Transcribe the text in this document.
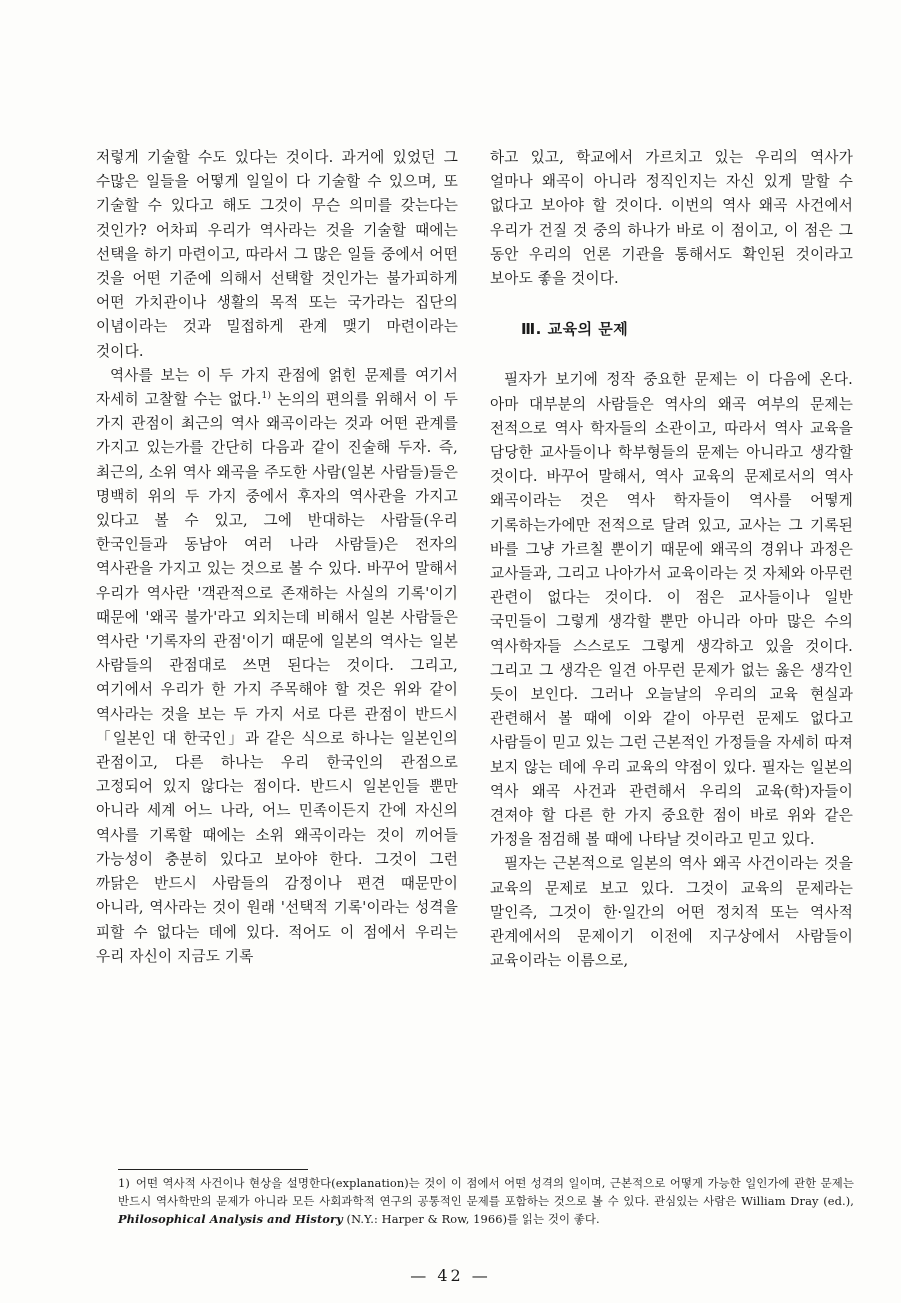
저렇게 기술할 수도 있다는 것이다. 과거에 있었던 그 수많은 일들을 어떻게 일일이 다 기술할 수 있으며, 또 기술할 수 있다고 해도 그것이 무슨 의미를 갖는다는 것인가? 어차피 우리가 역사라는 것을 기술할 때에는 선택을 하기 마련이고, 따라서 그 많은 일들 중에서 어떤 것을 어떤 기준에 의해서 선택할 것인가는 불가피하게 어떤 가치관이나 생활의 목적 또는 국가라는 집단의 이념이라는 것과 밀접하게 관계 맺기 마련이라는 것이다.

역사를 보는 이 두 가지 관점에 얽힌 문제를 여기서 자세히 고찰할 수는 없다.$^{1)}$ 논의의 편의를 위해서 이 두 가지 관점이 최근의 역사 왜곡이라는 것과 어떤 관계를 가지고 있는가를 간단히 다음과 같이 진술해 두자. 즉, 최근의, 소위 역사 왜곡을 주도한 사람(일본 사람들)들은 명백히 위의 두 가지 중에서 후자의 역사관을 가지고 있다고 볼 수 있고, 그에 반대하는 사람들(우리 한국인들과 동남아 여러 나라 사람들)은 전자의 역사관을 가지고 있는 것으로 볼 수 있다. 바꾸어 말해서 우리가 역사란 '객관적으로 존재하는 사실의 기록'이기 때문에 '왜곡 불가'라고 외치는데 비해서 일본 사람들은 역사란 '기록자의 관점'이기 때문에 일본의 역사는 일본 사람들의 관점대로 쓰면 된다는 것이다. 그리고, 여기에서 우리가 한 가지 주목해야 할 것은 위와 같이 역사라는 것을 보는 두 가지 서로 다른 관점이 반드시 「일본인 대 한국인」과 같은 식으로 하나는 일본인의 관점이고, 다른 하나는 우리 한국인의 관점으로 고정되어 있지 않다는 점이다. 반드시 일본인들 뿐만 아니라 세계 어느 나라, 어느 민족이든지 간에 자신의 역사를 기록할 때에는 소위 왜곡이라는 것이 끼어들 가능성이 충분히 있다고 보아야 한다. 그것이 그런 까닭은 반드시 사람들의 감정이나 편견 때문만이 아니라, 역사라는 것이 원래 '선택적 기록'이라는 성격을 피할 수 없다는 데에 있다. 적어도 이 점에서 우리는 우리 자신이 지금도 기록

하고 있고, 학교에서 가르치고 있는 우리의 역사가 얼마나 왜곡이 아니라 정직인지는 자신 있게 말할 수 없다고 보아야 할 것이다. 이번의 역사 왜곡 사건에서 우리가 건질 것 중의 하나가 바로 이 점이고, 이 점은 그 동안 우리의 언론 기관을 통해서도 확인된 것이라고 보아도 좋을 것이다.

Ⅲ. 교육의 문제

필자가 보기에 정작 중요한 문제는 이 다음에 온다. 아마 대부분의 사람들은 역사의 왜곡 여부의 문제는 전적으로 역사 학자들의 소관이고, 따라서 역사 교육을 담당한 교사들이나 학부형들의 문제는 아니라고 생각할 것이다. 바꾸어 말해서, 역사 교육의 문제로서의 역사 왜곡이라는 것은 역사 학자들이 역사를 어떻게 기록하는가에만 전적으로 달려 있고, 교사는 그 기록된 바를 그냥 가르칠 뿐이기 때문에 왜곡의 경위나 과정은 교사들과, 그리고 나아가서 교육이라는 것 자체와 아무런 관련이 없다는 것이다. 이 점은 교사들이나 일반 국민들이 그렇게 생각할 뿐만 아니라 아마 많은 수의 역사학자들 스스로도 그렇게 생각하고 있을 것이다. 그리고 그 생각은 일견 아무런 문제가 없는 옳은 생각인 듯이 보인다. 그러나 오늘날의 우리의 교육 현실과 관련해서 볼 때에 이와 같이 아무런 문제도 없다고 사람들이 믿고 있는 그런 근본적인 가정들을 자세히 따져 보지 않는 데에 우리 교육의 약점이 있다. 필자는 일본의 역사 왜곡 사건과 관련해서 우리의 교육(학)자들이 견져야 할 다른 한 가지 중요한 점이 바로 위와 같은 가정을 점검해 볼 때에 나타날 것이라고 믿고 있다.

필자는 근본적으로 일본의 역사 왜곡 사건이라는 것을 교육의 문제로 보고 있다. 그것이 교육의 문제라는 말인즉, 그것이 한·일간의 어떤 정치적 또는 역사적 관계에서의 문제이기 이전에 지구상에서 사람들이 교육이라는 이름으로,

1) 어떤 역사적 사건이나 현상을 설명한다(explanation)는 것이 이 점에서 어떤 성격의 일이며, 근본적으로 어떻게 가능한 일인가에 관한 문제는 반드시 역사학만의 문제가 아니라 모든 사회과학적 연구의 공통적인 문제를 포함하는 것으로 볼 수 있다. 관심있는 사람은 William Dray (ed.), Philosophical Analysis and History (N.Y.: Harper & Row, 1966)를 읽는 것이 좋다.
— 42 —
